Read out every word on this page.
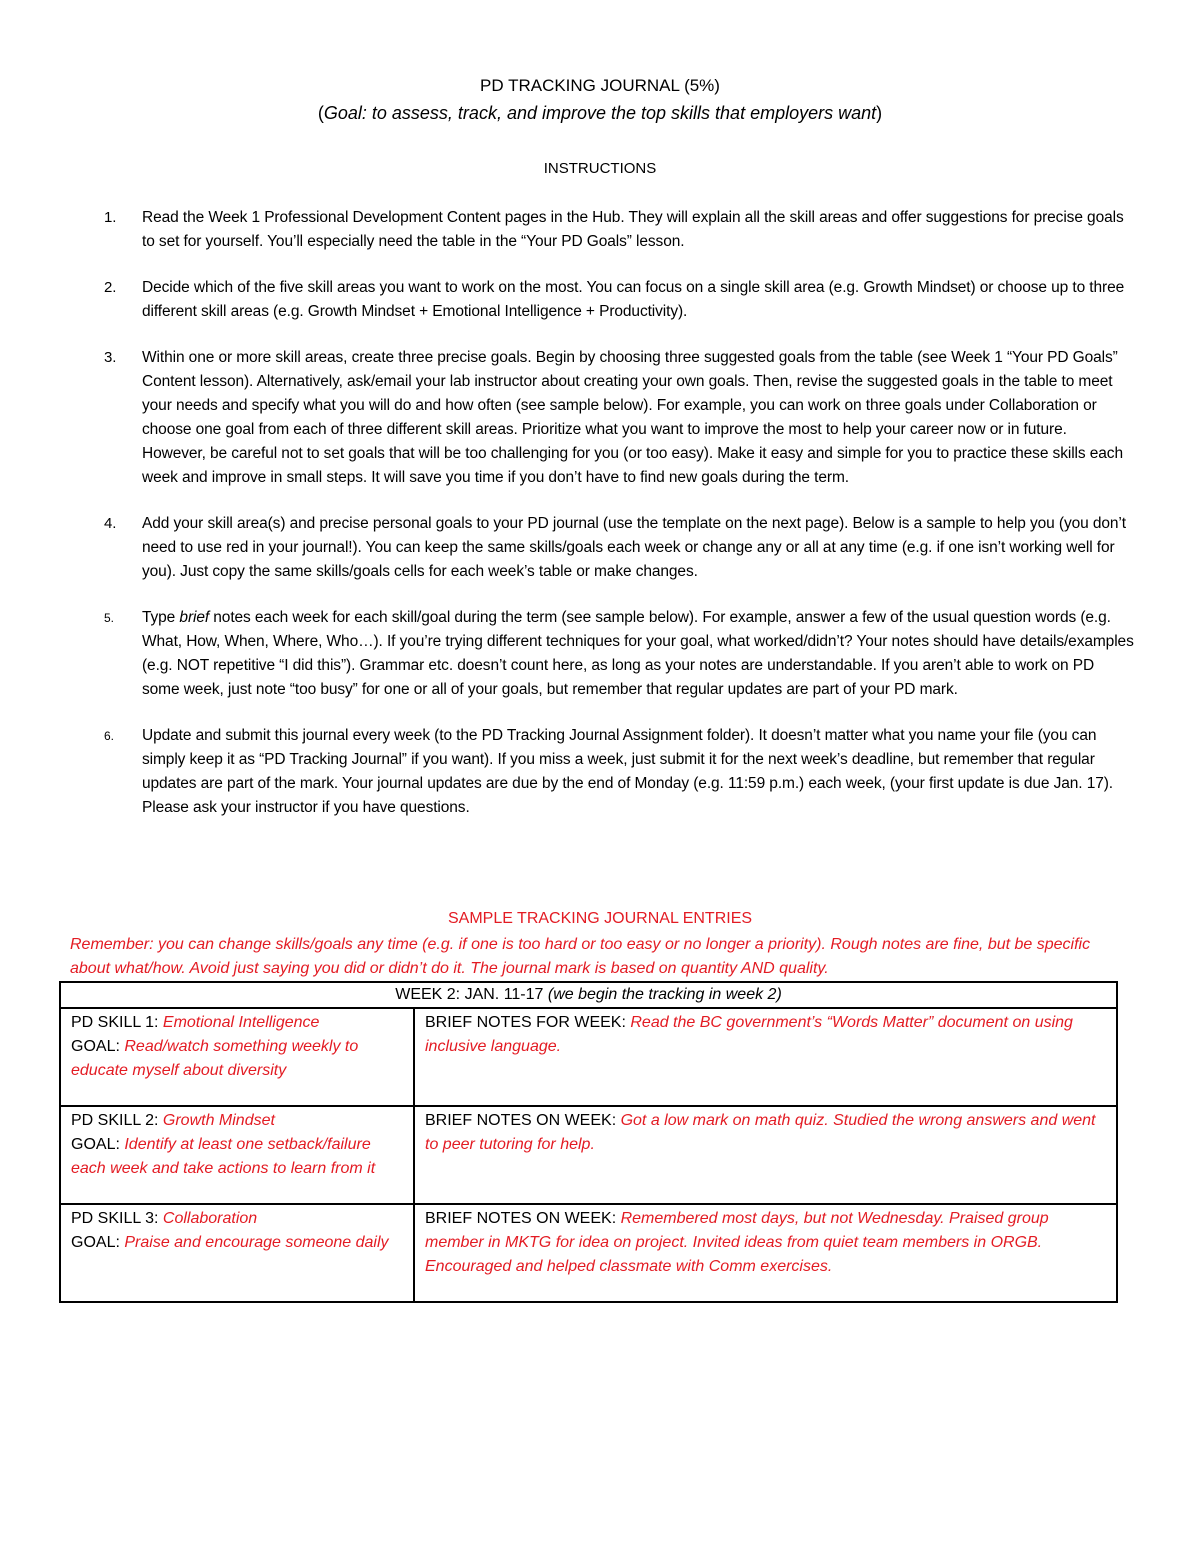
PD TRACKING JOURNAL (5%)
(Goal: to assess, track, and improve the top skills that employers want)
INSTRUCTIONS
1. Read the Week 1 Professional Development Content pages in the Hub. They will explain all the skill areas and offer suggestions for precise goals to set for yourself. You’ll especially need the table in the “Your PD Goals” lesson.
2. Decide which of the five skill areas you want to work on the most. You can focus on a single skill area (e.g. Growth Mindset) or choose up to three different skill areas (e.g. Growth Mindset + Emotional Intelligence + Productivity).
3. Within one or more skill areas, create three precise goals. Begin by choosing three suggested goals from the table (see Week 1 “Your PD Goals” Content lesson). Alternatively, ask/email your lab instructor about creating your own goals. Then, revise the suggested goals in the table to meet your needs and specify what you will do and how often (see sample below). For example, you can work on three goals under Collaboration or choose one goal from each of three different skill areas. Prioritize what you want to improve the most to help your career now or in future. However, be careful not to set goals that will be too challenging for you (or too easy). Make it easy and simple for you to practice these skills each week and improve in small steps. It will save you time if you don’t have to find new goals during the term.
4. Add your skill area(s) and precise personal goals to your PD journal (use the template on the next page). Below is a sample to help you (you don’t need to use red in your journal!). You can keep the same skills/goals each week or change any or all at any time (e.g. if one isn’t working well for you). Just copy the same skills/goals cells for each week’s table or make changes.
5. Type brief notes each week for each skill/goal during the term (see sample below). For example, answer a few of the usual question words (e.g. What, How, When, Where, Who…). If you’re trying different techniques for your goal, what worked/didn’t? Your notes should have details/examples (e.g. NOT repetitive “I did this”). Grammar etc. doesn’t count here, as long as your notes are understandable. If you aren’t able to work on PD some week, just note “too busy” for one or all of your goals, but remember that regular updates are part of your PD mark.
6. Update and submit this journal every week (to the PD Tracking Journal Assignment folder). It doesn’t matter what you name your file (you can simply keep it as “PD Tracking Journal” if you want). If you miss a week, just submit it for the next week’s deadline, but remember that regular updates are part of the mark. Your journal updates are due by the end of Monday (e.g. 11:59 p.m.) each week, (your first update is due Jan. 17). Please ask your instructor if you have questions.
SAMPLE TRACKING JOURNAL ENTRIES
Remember: you can change skills/goals any time (e.g. if one is too hard or too easy or no longer a priority). Rough notes are fine, but be specific about what/how. Avoid just saying you did or didn’t do it. The journal mark is based on quantity AND quality.
WEEK 2: JAN. 11-17 (we begin the tracking in week 2)	
PD SKILL 1: Emotional Intelligence
GOAL: Read/watch something weekly to educate myself about diversity	BRIEF NOTES FOR WEEK: Read the BC government’s “Words Matter” document on using inclusive language.
PD SKILL 2: Growth Mindset
GOAL: Identify at least one setback/failure each week and take actions to learn from it	BRIEF NOTES ON WEEK: Got a low mark on math quiz. Studied the wrong answers and went to peer tutoring for help.
PD SKILL 3: Collaboration
GOAL: Praise and encourage someone daily	BRIEF NOTES ON WEEK: Remembered most days, but not Wednesday. Praised group member in MKTG for idea on project. Invited ideas from quiet team members in ORGB. Encouraged and helped classmate with Comm exercises.
